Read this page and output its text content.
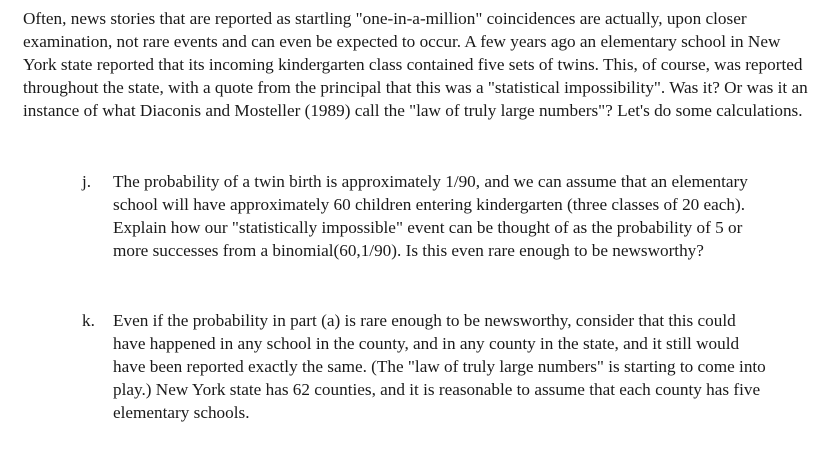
Often, news stories that are reported as startling "one-in-a-million" coincidences are actually, upon closer examination, not rare events and can even be expected to occur. A few years ago an elementary school in New York state reported that its incoming kindergarten class contained five sets of twins. This, of course, was reported throughout the state, with a quote from the principal that this was a "statistical impossibility". Was it? Or was it an instance of what Diaconis and Mosteller (1989) call the "law of truly large numbers"? Let's do some calculations.

j.	The probability of a twin birth is approximately 1/90, and we can assume that an elementary school will have approximately 60 children entering kindergarten (three classes of 20 each). Explain how our "statistically impossible" event can be thought of as the probability of 5 or more successes from a binomial(60,1/90). Is this even rare enough to be newsworthy?
k.	Even if the probability in part (a) is rare enough to be newsworthy, consider that this could have happened in any school in the county, and in any county in the state, and it still would have been reported exactly the same. (The "law of truly large numbers" is starting to come into play.) New York state has 62 counties, and it is reasonable to assume that each county has five elementary schools.
